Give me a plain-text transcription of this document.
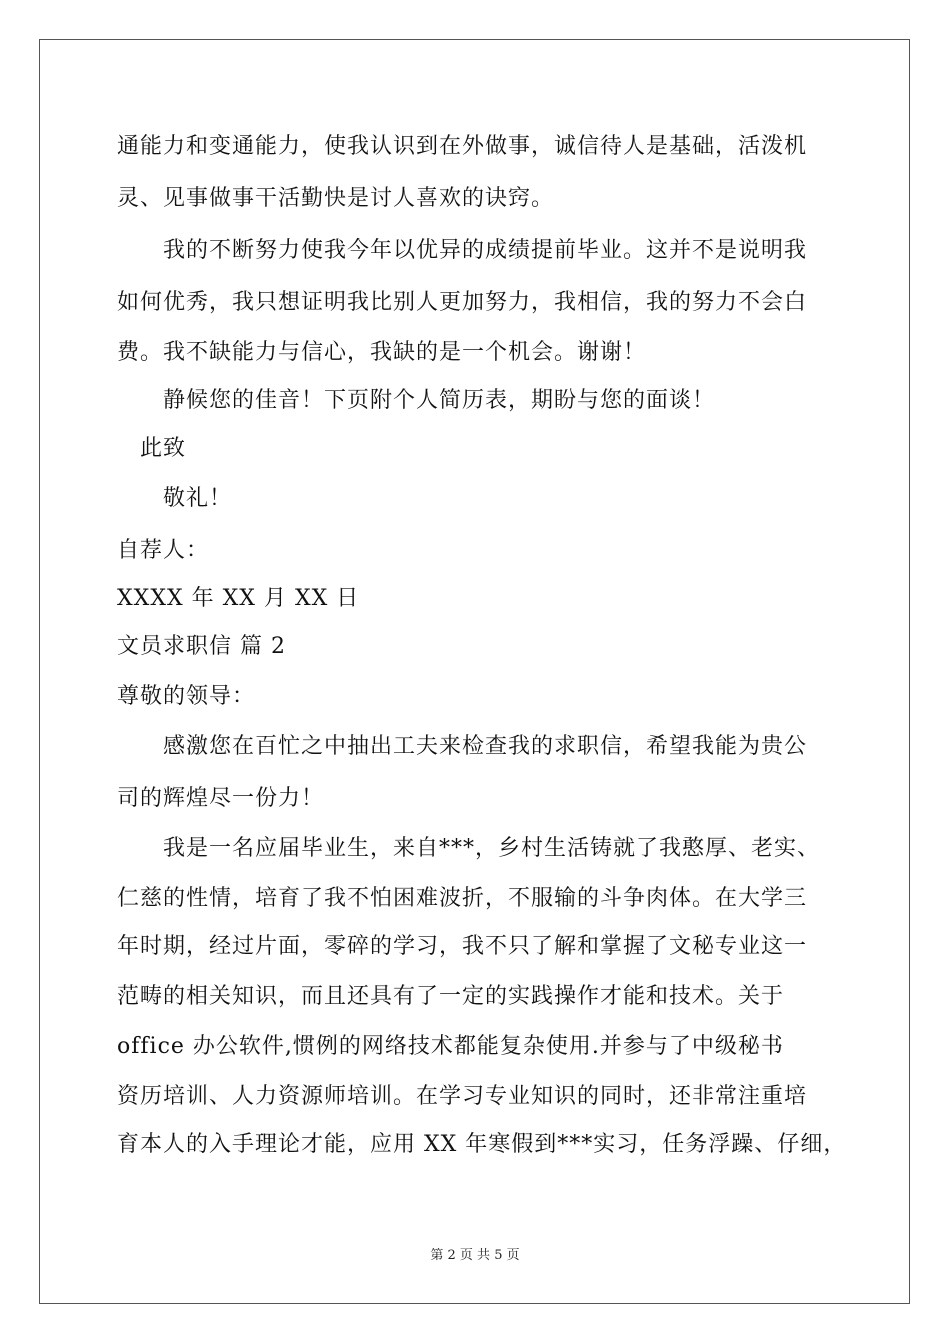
通能力和变通能力，使我认识到在外做事，诚信待人是基础，活泼机
灵、见事做事干活勤快是讨人喜欢的诀窍。
我的不断努力使我今年以优异的成绩提前毕业。这并不是说明我
如何优秀，我只想证明我比别人更加努力，我相信，我的努力不会白
费。我不缺能力与信心，我缺的是一个机会。谢谢！
静候您的佳音！下页附个人简历表，期盼与您的面谈！
此致
敬礼！
自荐人：
XXXX 年 XX 月 XX 日
文员求职信 篇 2
尊敬的领导：
感激您在百忙之中抽出工夫来检查我的求职信，希望我能为贵公
司的辉煌尽一份力！
我是一名应届毕业生，来自***，乡村生活铸就了我憨厚、老实、
仁慈的性情，培育了我不怕困难波折，不服输的斗争肉体。在大学三
年时期，经过片面，零碎的学习，我不只了解和掌握了文秘专业这一
范畴的相关知识，而且还具有了一定的实践操作才能和技术。关于
office 办公软件,惯例的网络技术都能复杂使用.并参与了中级秘书
资历培训、人力资源师培训。在学习专业知识的同时，还非常注重培
育本人的入手理论才能，应用 XX 年寒假到***实习，任务浮躁、仔细，
第 2 页 共 5 页
